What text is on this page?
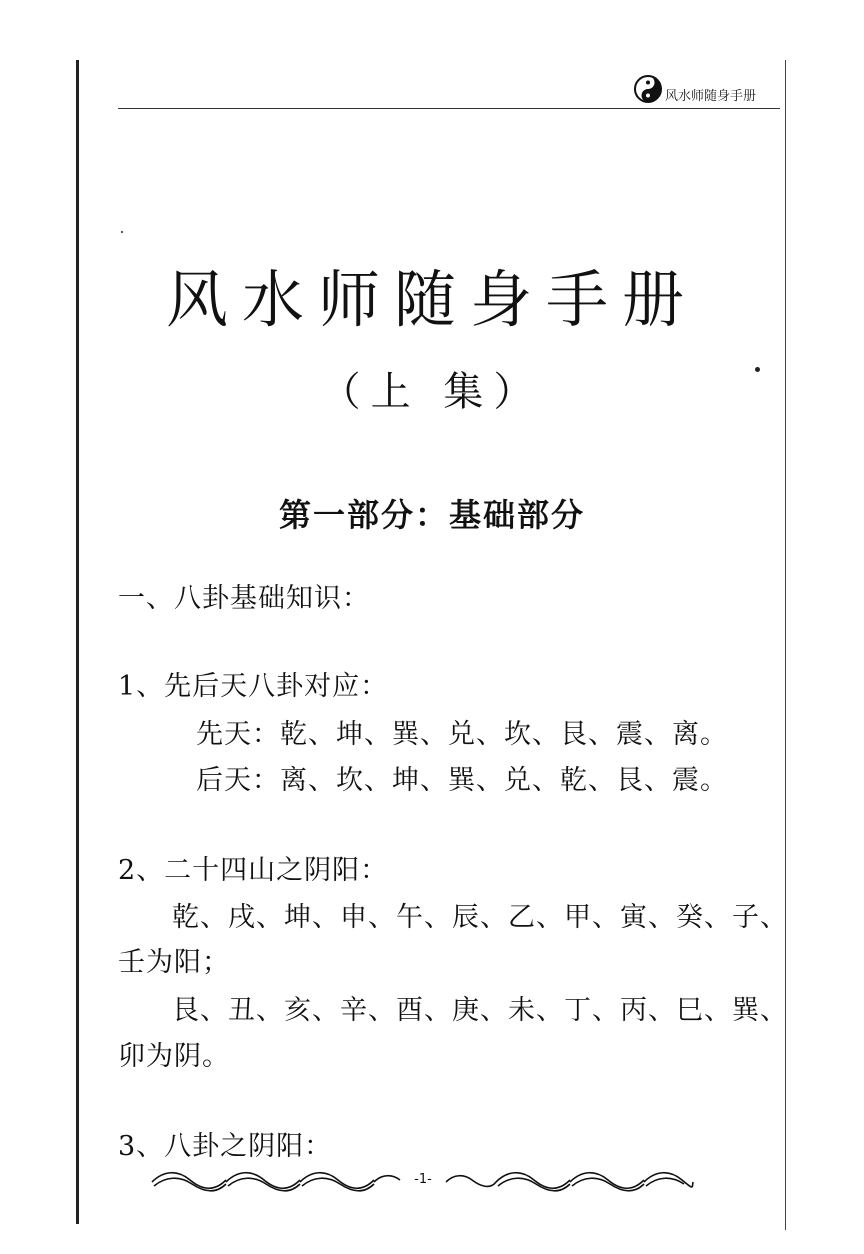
风水师随身手册
风水师随身手册
（上 集）
第一部分：基础部分
一、八卦基础知识：
1、先后天八卦对应：
先天：乾、坤、巽、兑、坎、艮、震、离。
后天：离、坎、坤、巽、兑、乾、艮、震。
2、二十四山之阴阳：
乾、戌、坤、申、午、辰、乙、甲、寅、癸、子、
壬为阳；
艮、丑、亥、辛、酉、庚、未、丁、丙、巳、巽、
卯为阴。
3、八卦之阴阳：
-1-
